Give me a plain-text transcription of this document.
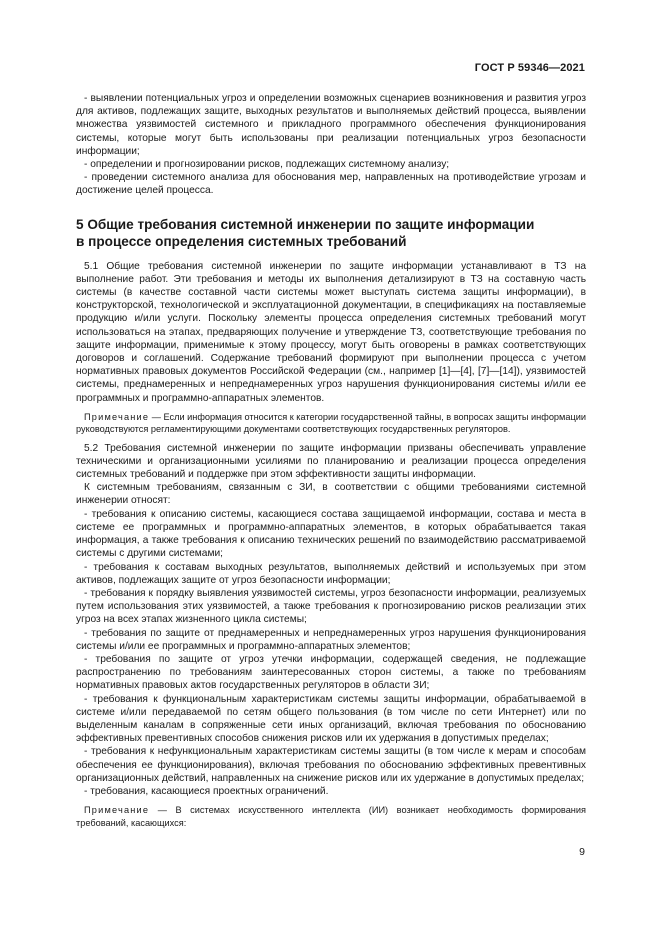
ГОСТ Р 59346—2021

- выявлении потенциальных угроз и определении возможных сценариев возникновения и развития угроз для активов, подлежащих защите, выходных результатов и выполняемых действий процесса, выявлении множества уязвимостей системного и прикладного программного обеспечения функционирования системы, которые могут быть использованы при реализации потенциальных угроз безопасности информации;

- определении и прогнозировании рисков, подлежащих системному анализу;

- проведении системного анализа для обоснования мер, направленных на противодействие угрозам и достижение целей процесса.

5 Общие требования системной инженерии по защите информации
в процессе определения системных требований

5.1 Общие требования системной инженерии по защите информации устанавливают в ТЗ на выполнение работ. Эти требования и методы их выполнения детализируют в ТЗ на составную часть системы (в качестве составной части системы может выступать система защиты информации), в конструкторской, технологической и эксплуатационной документации, в спецификациях на поставляемые продукцию и/или услуги. Поскольку элементы процесса определения системных требований могут использоваться на этапах, предваряющих получение и утверждение ТЗ, соответствующие требования по защите информации, применимые к этому процессу, могут быть оговорены в рамках соответствующих договоров и соглашений. Содержание требований формируют при выполнении процесса с учетом нормативных правовых документов Российской Федерации (см., например [1]—[4], [7]—[14]), уязвимостей системы, преднамеренных и непреднамеренных угроз нарушения функционирования системы и/или ее программных и программно-аппаратных элементов.

Примечание — Если информация относится к категории государственной тайны, в вопросах защиты информации руководствуются регламентирующими документами соответствующих государственных регуляторов.

5.2 Требования системной инженерии по защите информации призваны обеспечивать управление техническими и организационными усилиями по планированию и реализации процесса определения системных требований и поддержке при этом эффективности защиты информации.

К системным требованиям, связанным с ЗИ, в соответствии с общими требованиями системной инженерии относят:

- требования к описанию системы, касающиеся состава защищаемой информации, состава и места в системе ее программных и программно-аппаратных элементов, в которых обрабатывается такая информация, а также требования к описанию технических решений по взаимодействию рассматриваемой системы с другими системами;

- требования к составам выходных результатов, выполняемых действий и используемых при этом активов, подлежащих защите от угроз безопасности информации;

- требования к порядку выявления уязвимостей системы, угроз безопасности информации, реализуемых путем использования этих уязвимостей, а также требования к прогнозированию рисков реализации этих угроз на всех этапах жизненного цикла системы;

- требования по защите от преднамеренных и непреднамеренных угроз нарушения функционирования системы и/или ее программных и программно-аппаратных элементов;

- требования по защите от угроз утечки информации, содержащей сведения, не подлежащие распространению по требованиям заинтересованных сторон системы, а также по требованиям нормативных правовых актов государственных регуляторов в области ЗИ;

- требования к функциональным характеристикам системы защиты информации, обрабатываемой в системе и/или передаваемой по сетям общего пользования (в том числе по сети Интернет) или по выделенным каналам в сопряженные сети иных организаций, включая требования по обоснованию эффективных превентивных способов снижения рисков или их удержания в допустимых пределах;

- требования к нефункциональным характеристикам системы защиты (в том числе к мерам и способам обеспечения ее функционирования), включая требования по обоснованию эффективных превентивных организационных действий, направленных на снижение рисков или их удержание в допустимых пределах;

- требования, касающиеся проектных ограничений.

Примечание — В системах искусственного интеллекта (ИИ) возникает необходимость формирования требований, касающихся:

9
